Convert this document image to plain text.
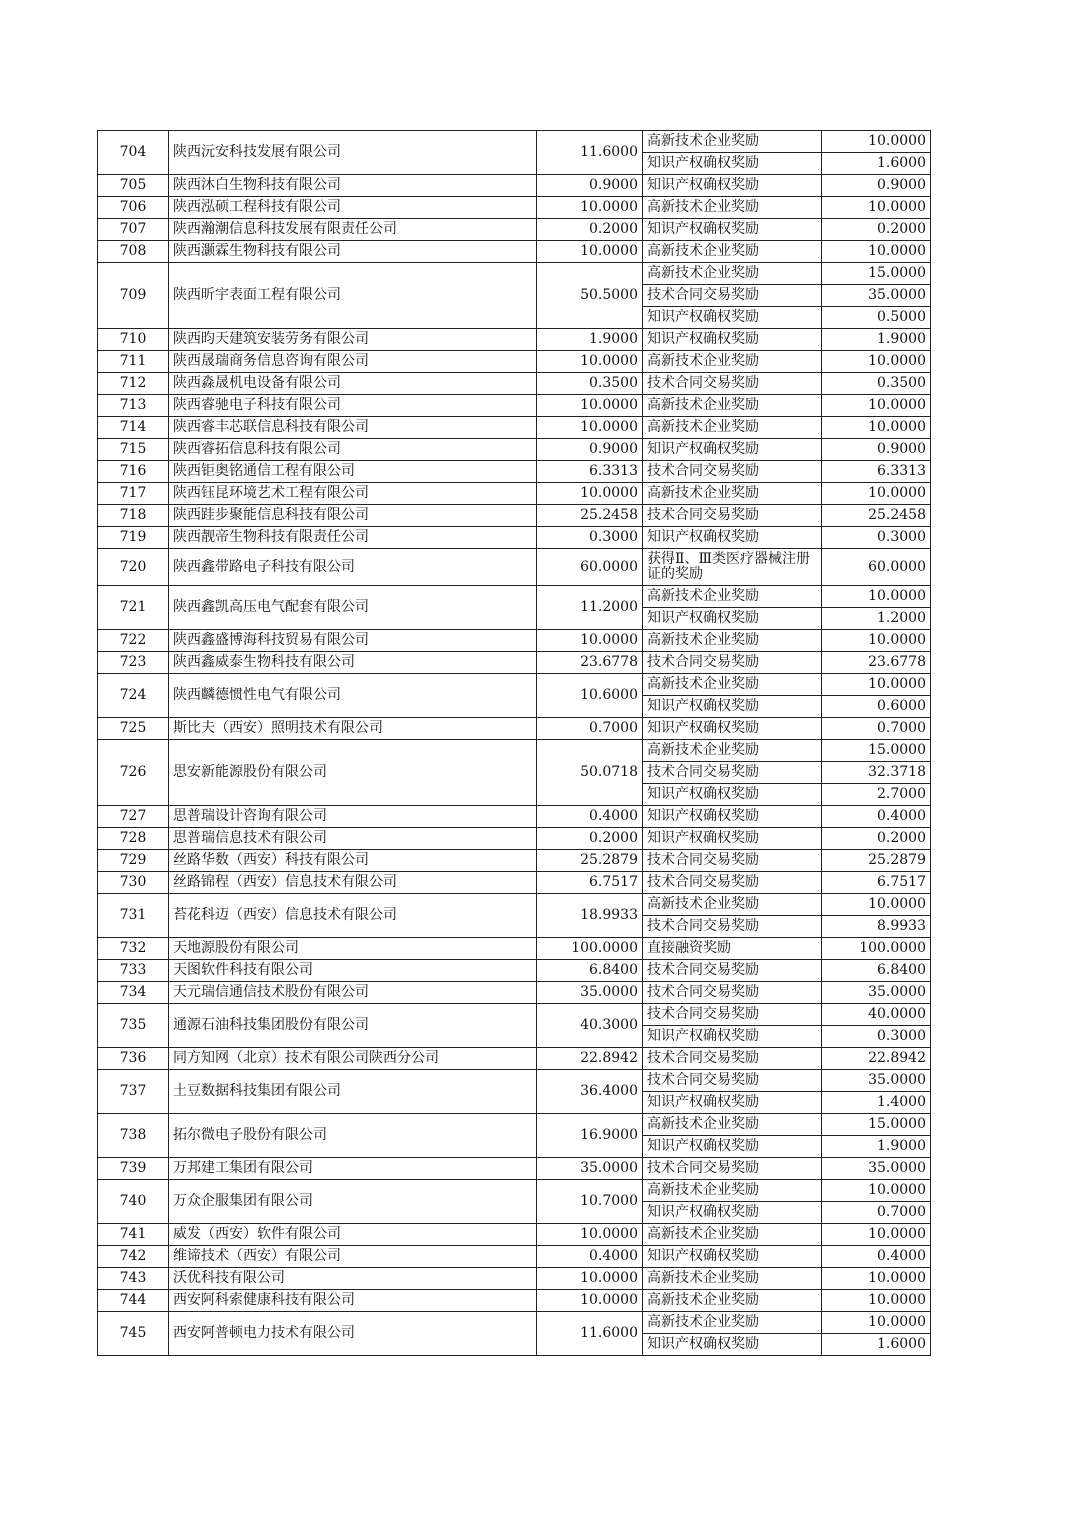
704	陕西沅安科技发展有限公司	11.6000	高新技术企业奖励	10.0000
			知识产权确权奖励	1.6000
705	陕西沐白生物科技有限公司	0.9000	知识产权确权奖励	0.9000
706	陕西泓硕工程科技有限公司	10.0000	高新技术企业奖励	10.0000
707	陕西瀚潮信息科技发展有限责任公司	0.2000	知识产权确权奖励	0.2000
708	陕西灏霖生物科技有限公司	10.0000	高新技术企业奖励	10.0000
709	陕西昕宇表面工程有限公司	50.5000	高新技术企业奖励	15.0000
			技术合同交易奖励	35.0000
			知识产权确权奖励	0.5000
710	陕西昀天建筑安装劳务有限公司	1.9000	知识产权确权奖励	1.9000
711	陕西晟瑞商务信息咨询有限公司	10.0000	高新技术企业奖励	10.0000
712	陕西淼晟机电设备有限公司	0.3500	技术合同交易奖励	0.3500
713	陕西睿驰电子科技有限公司	10.0000	高新技术企业奖励	10.0000
714	陕西睿丰芯联信息科技有限公司	10.0000	高新技术企业奖励	10.0000
715	陕西睿拓信息科技有限公司	0.9000	知识产权确权奖励	0.9000
716	陕西钜奥铭通信工程有限公司	6.3313	技术合同交易奖励	6.3313
717	陕西钰昆环境艺术工程有限公司	10.0000	高新技术企业奖励	10.0000
718	陕西跬步聚能信息科技有限公司	25.2458	技术合同交易奖励	25.2458
719	陕西靓帝生物科技有限责任公司	0.3000	知识产权确权奖励	0.3000
720	陕西鑫带路电子科技有限公司	60.0000	获得Ⅱ、Ⅲ类医疗器械注册证的奖励	60.0000
721	陕西鑫凯高压电气配套有限公司	11.2000	高新技术企业奖励	10.0000
			知识产权确权奖励	1.2000
722	陕西鑫盛博海科技贸易有限公司	10.0000	高新技术企业奖励	10.0000
723	陕西鑫威泰生物科技有限公司	23.6778	技术合同交易奖励	23.6778
724	陕西麟德惯性电气有限公司	10.6000	高新技术企业奖励	10.0000
			知识产权确权奖励	0.6000
725	斯比夫（西安）照明技术有限公司	0.7000	知识产权确权奖励	0.7000
726	思安新能源股份有限公司	50.0718	高新技术企业奖励	15.0000
			技术合同交易奖励	32.3718
			知识产权确权奖励	2.7000
727	思普瑞设计咨询有限公司	0.4000	知识产权确权奖励	0.4000
728	思普瑞信息技术有限公司	0.2000	知识产权确权奖励	0.2000
729	丝路华数（西安）科技有限公司	25.2879	技术合同交易奖励	25.2879
730	丝路锦程（西安）信息技术有限公司	6.7517	技术合同交易奖励	6.7517
731	苔花科迈（西安）信息技术有限公司	18.9933	高新技术企业奖励	10.0000
			技术合同交易奖励	8.9933
732	天地源股份有限公司	100.0000	直接融资奖励	100.0000
733	天图软件科技有限公司	6.8400	技术合同交易奖励	6.8400
734	天元瑞信通信技术股份有限公司	35.0000	技术合同交易奖励	35.0000
735	通源石油科技集团股份有限公司	40.3000	技术合同交易奖励	40.0000
			知识产权确权奖励	0.3000
736	同方知网（北京）技术有限公司陕西分公司	22.8942	技术合同交易奖励	22.8942
737	土豆数据科技集团有限公司	36.4000	技术合同交易奖励	35.0000
			知识产权确权奖励	1.4000
738	拓尔微电子股份有限公司	16.9000	高新技术企业奖励	15.0000
			知识产权确权奖励	1.9000
739	万邦建工集团有限公司	35.0000	技术合同交易奖励	35.0000
740	万众企服集团有限公司	10.7000	高新技术企业奖励	10.0000
			知识产权确权奖励	0.7000
741	威发（西安）软件有限公司	10.0000	高新技术企业奖励	10.0000
742	维谛技术（西安）有限公司	0.4000	知识产权确权奖励	0.4000
743	沃优科技有限公司	10.0000	高新技术企业奖励	10.0000
744	西安阿科索健康科技有限公司	10.0000	高新技术企业奖励	10.0000
745	西安阿普顿电力技术有限公司	11.6000	高新技术企业奖励	10.0000
			知识产权确权奖励	1.6000
